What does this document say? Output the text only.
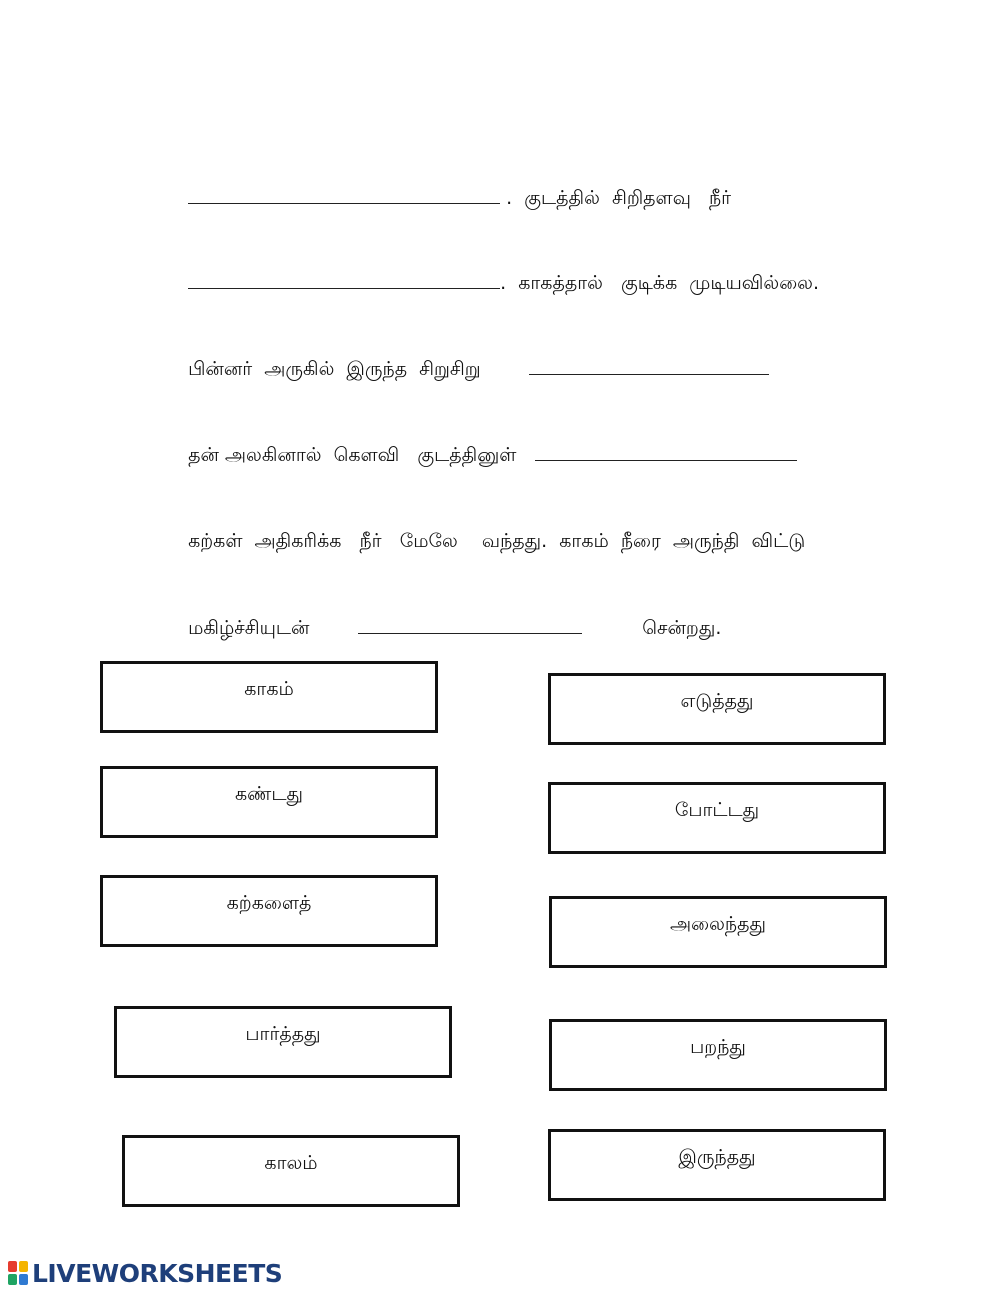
.  குடத்தில்  சிறிதளவு   நீர்

.  காகத்தால்   குடிக்க  முடியவில்லை.

பின்னர்  அருகில்  இருந்த  சிறுசிறு

தன் அலகினால்  கெளவி   குடத்தினுள்

கற்கள்  அதிகரிக்க   நீர்   மேலே    வந்தது.  காகம்  நீரை  அருந்தி  விட்டு

மகிழ்ச்சியுடன்	சென்றது.

காகம்
கண்டது
கற்களைத்
பார்த்தது
காலம்
எடுத்தது
போட்டது
அலைந்தது
பறந்து
இருந்தது
LIVEWORKSHEETS
